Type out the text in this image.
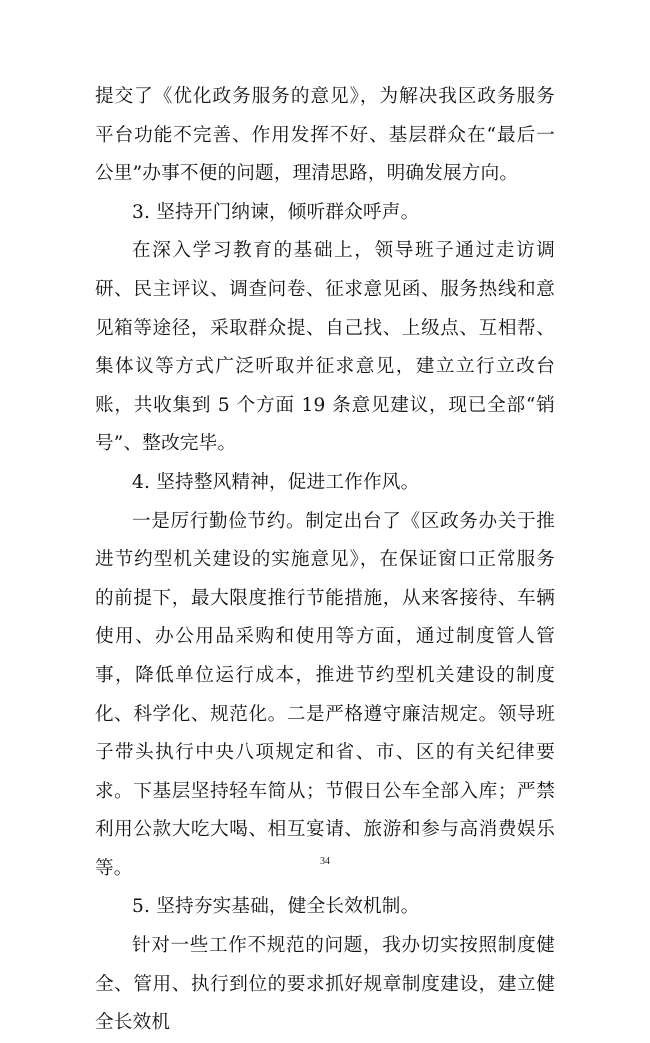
提交了《优化政务服务的意见》，为解决我区政务服务平台功能不完善、作用发挥不好、基层群众在“最后一公里”办事不便的问题，理清思路，明确发展方向。

3. 坚持开门纳谏，倾听群众呼声。

在深入学习教育的基础上，领导班子通过走访调研、民主评议、调查问卷、征求意见函、服务热线和意见箱等途径，采取群众提、自己找、上级点、互相帮、集体议等方式广泛听取并征求意见，建立立行立改台账，共收集到 5 个方面 19 条意见建议，现已全部“销号”、整改完毕。

4. 坚持整风精神，促进工作作风。

一是厉行勤俭节约。制定出台了《区政务办关于推进节约型机关建设的实施意见》，在保证窗口正常服务的前提下，最大限度推行节能措施，从来客接待、车辆使用、办公用品采购和使用等方面，通过制度管人管事，降低单位运行成本，推进节约型机关建设的制度化、科学化、规范化。二是严格遵守廉洁规定。领导班子带头执行中央八项规定和省、市、区的有关纪律要求。下基层坚持轻车简从；节假日公车全部入库；严禁利用公款大吃大喝、相互宴请、旅游和参与高消费娱乐等。

5. 坚持夯实基础，健全长效机制。

针对一些工作不规范的问题，我办切实按照制度健全、管用、执行到位的要求抓好规章制度建设，建立健全长效机

34
